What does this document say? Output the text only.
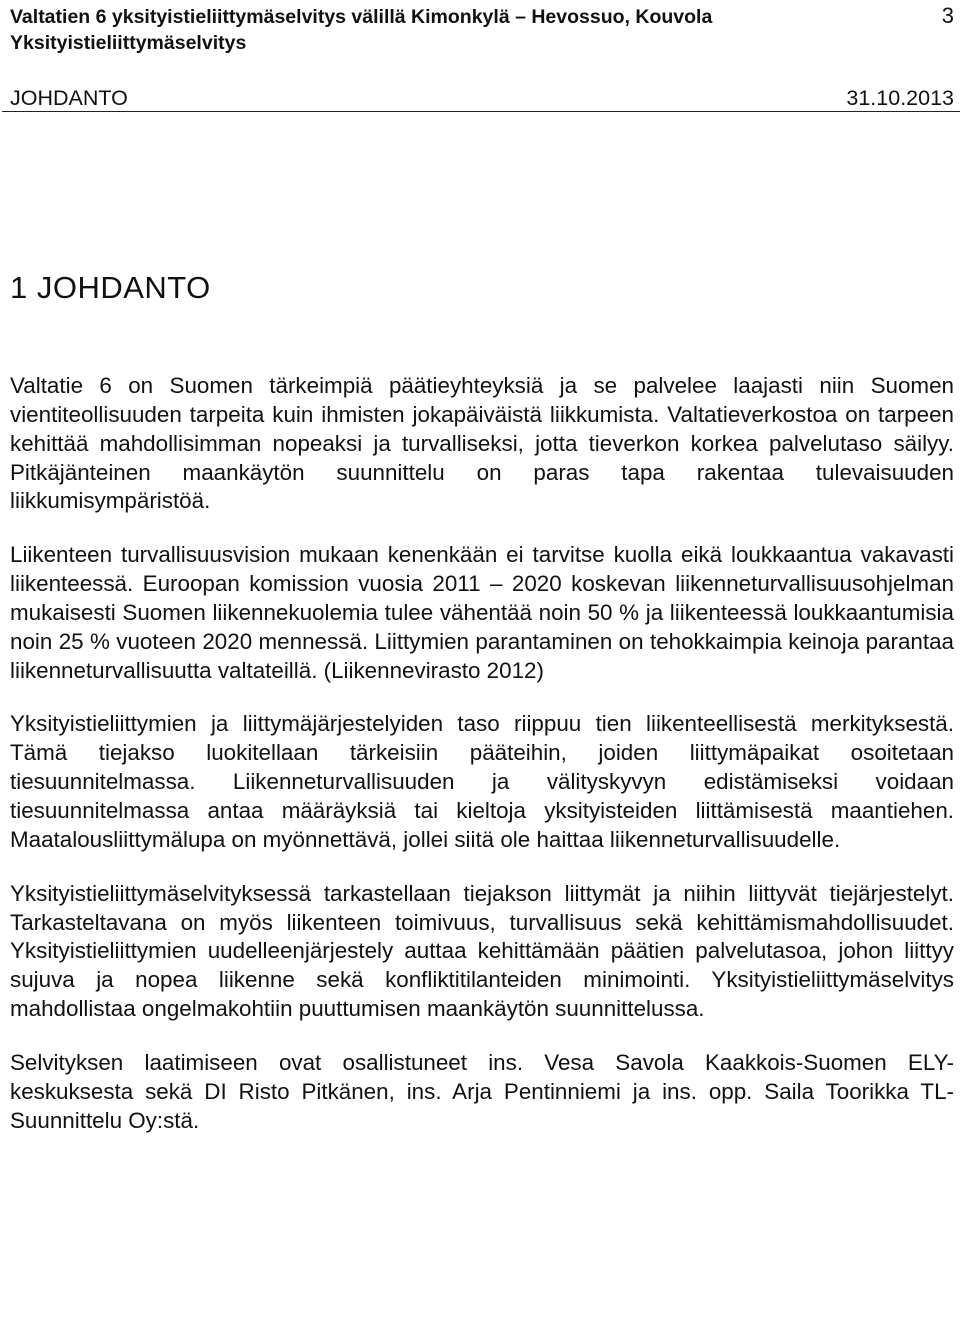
Valtatien 6 yksityistieliittymäselvitys välillä Kimonkylä – Hevossuo, Kouvola Yksityistieliittymäselvitys
3
JOHDANTO	31.10.2013
1 JOHDANTO

Valtatie 6 on Suomen tärkeimpiä päätieyhteyksiä ja se palvelee laajasti niin Suomen vientiteollisuuden tarpeita kuin ihmisten jokapäiväistä liikkumista. Valtatieverkostoa on tarpeen kehittää mahdollisimman nopeaksi ja turvalliseksi, jotta tieverkon korkea palvelutaso säilyy. Pitkäjänteinen maankäytön suunnittelu on paras tapa rakentaa tulevaisuuden liikkumisympäristöä.

Liikenteen turvallisuusvision mukaan kenenkään ei tarvitse kuolla eikä loukkaantua vakavasti liikenteessä. Euroopan komission vuosia 2011 – 2020 koskevan liikenneturvallisuusohjelman mukaisesti Suomen liikennekuolemia tulee vähentää noin 50 % ja liikenteessä loukkaantumisia noin 25 % vuoteen 2020 mennessä. Liittymien parantaminen on tehokkaimpia keinoja parantaa liikenneturvallisuutta valtateillä. (Liikennevirasto 2012)

Yksityistieliittymien ja liittymäjärjestelyiden taso riippuu tien liikenteellisestä merkityksestä. Tämä tiejakso luokitellaan tärkeisiin pääteihin, joiden liittymäpaikat osoitetaan tiesuunnitelmassa. Liikenneturvallisuuden ja välityskyvyn edistämiseksi voidaan tiesuunnitelmassa antaa määräyksiä tai kieltoja yksityisteiden liittämisestä maantiehen. Maatalousliittymälupa on myönnettävä, jollei siitä ole haittaa liikenneturvallisuudelle.

Yksityistieliittymäselvityksessä tarkastellaan tiejakson liittymät ja niihin liittyvät tiejärjestelyt. Tarkasteltavana on myös liikenteen toimivuus, turvallisuus sekä kehittämismahdollisuudet. Yksityistieliittymien uudelleenjärjestely auttaa kehittämään päätien palvelutasoa, johon liittyy sujuva ja nopea liikenne sekä konfliktitilanteiden minimointi. Yksityistieliittymäselvitys mahdollistaa ongelmakohtiin puuttumisen maankäytön suunnittelussa.

Selvityksen laatimiseen ovat osallistuneet ins. Vesa Savola Kaakkois-Suomen ELY-keskuksesta sekä DI Risto Pitkänen, ins. Arja Pentinniemi ja ins. opp. Saila Toorikka TL-Suunnittelu Oy:stä.
